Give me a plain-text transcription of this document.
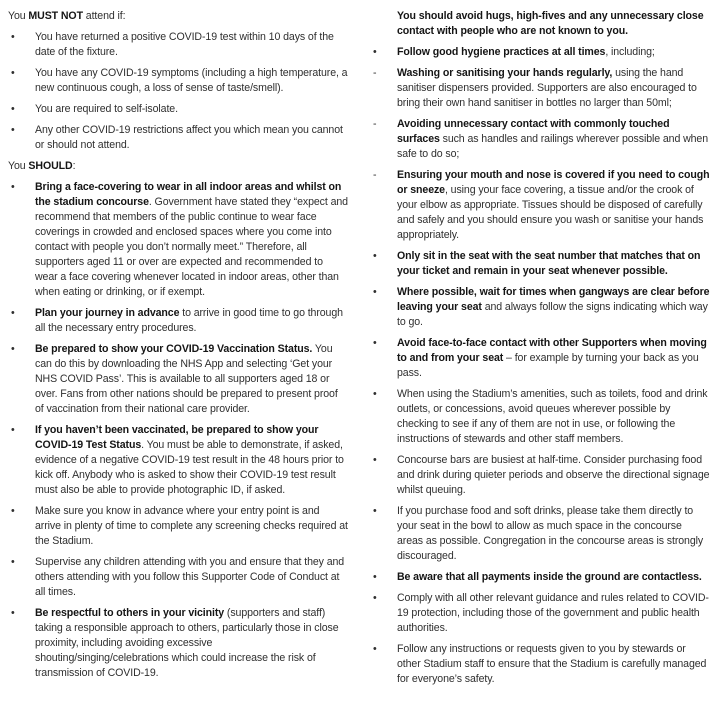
You MUST NOT attend if:
•	You have returned a positive COVID-19 test within 10 days of the date of the fixture.
•	You have any COVID-19 symptoms (including a high temperature, a new continuous cough, a loss of sense of taste/smell).
•	You are required to self-isolate.
•	Any other COVID-19 restrictions affect you which mean you cannot or should not attend.
You SHOULD:
•	Bring a face-covering to wear in all indoor areas and whilst on the stadium concourse. Government have stated they “expect and recommend that members of the public continue to wear face coverings in crowded and enclosed spaces where you come into contact with people you don’t normally meet.” Therefore, all supporters aged 11 or over are expected and recommended to wear a face covering whenever located in indoor areas, other than when eating or drinking, or if exempt.
•	Plan your journey in advance to arrive in good time to go through all the necessary entry procedures.
•	Be prepared to show your COVID-19 Vaccination Status. You can do this by downloading the NHS App and selecting ‘Get your NHS COVID Pass’. This is available to all supporters aged 18 or over. Fans from other nations should be prepared to present proof of vaccination from their national care provider.
•	If you haven’t been vaccinated, be prepared to show your COVID-19 Test Status. You must be able to demonstrate, if asked, evidence of a negative COVID-19 test result in the 48 hours prior to kick off. Anybody who is asked to show their COVID-19 test result must also be able to provide photographic ID, if asked.
•	Make sure you know in advance where your entry point is and arrive in plenty of time to complete any screening checks required at the Stadium.
•	Supervise any children attending with you and ensure that they and others attending with you follow this Supporter Code of Conduct at all times.
•	Be respectful to others in your vicinity (supporters and staff) taking a responsible approach to others, particularly those in close proximity, including avoiding excessive shouting/singing/celebrations which could increase the risk of transmission of COVID-19.
You should avoid hugs, high-fives and any unnecessary close contact with people who are not known to you.
•	Follow good hygiene practices at all times, including;
-	Washing or sanitising your hands regularly, using the hand sanitiser dispensers provided. Supporters are also encouraged to bring their own hand sanitiser in bottles no larger than 50ml;
-	Avoiding unnecessary contact with commonly touched surfaces such as handles and railings wherever possible and when safe to do so;
-	Ensuring your mouth and nose is covered if you need to cough or sneeze, using your face covering, a tissue and/or the crook of your elbow as appropriate. Tissues should be disposed of carefully and safely and you should ensure you wash or sanitise your hands appropriately.
•	Only sit in the seat with the seat number that matches that on your ticket and remain in your seat whenever possible.
•	Where possible, wait for times when gangways are clear before leaving your seat and always follow the signs indicating which way to go.
•	Avoid face-to-face contact with other Supporters when moving to and from your seat – for example by turning your back as you pass.
•	When using the Stadium’s amenities, such as toilets, food and drink outlets, or concessions, avoid queues wherever possible by checking to see if any of them are not in use, or following the instructions of stewards and other staff members.
•	Concourse bars are busiest at half-time. Consider purchasing food and drink during quieter periods and observe the directional signage whilst queuing.
•	If you purchase food and soft drinks, please take them directly to your seat in the bowl to allow as much space in the concourse areas as possible. Congregation in the concourse areas is strongly discouraged.
•	Be aware that all payments inside the ground are contactless.
•	Comply with all other relevant guidance and rules related to COVID-19 protection, including those of the government and public health authorities.
•	Follow any instructions or requests given to you by stewards or other Stadium staff to ensure that the Stadium is carefully managed for everyone’s safety.
